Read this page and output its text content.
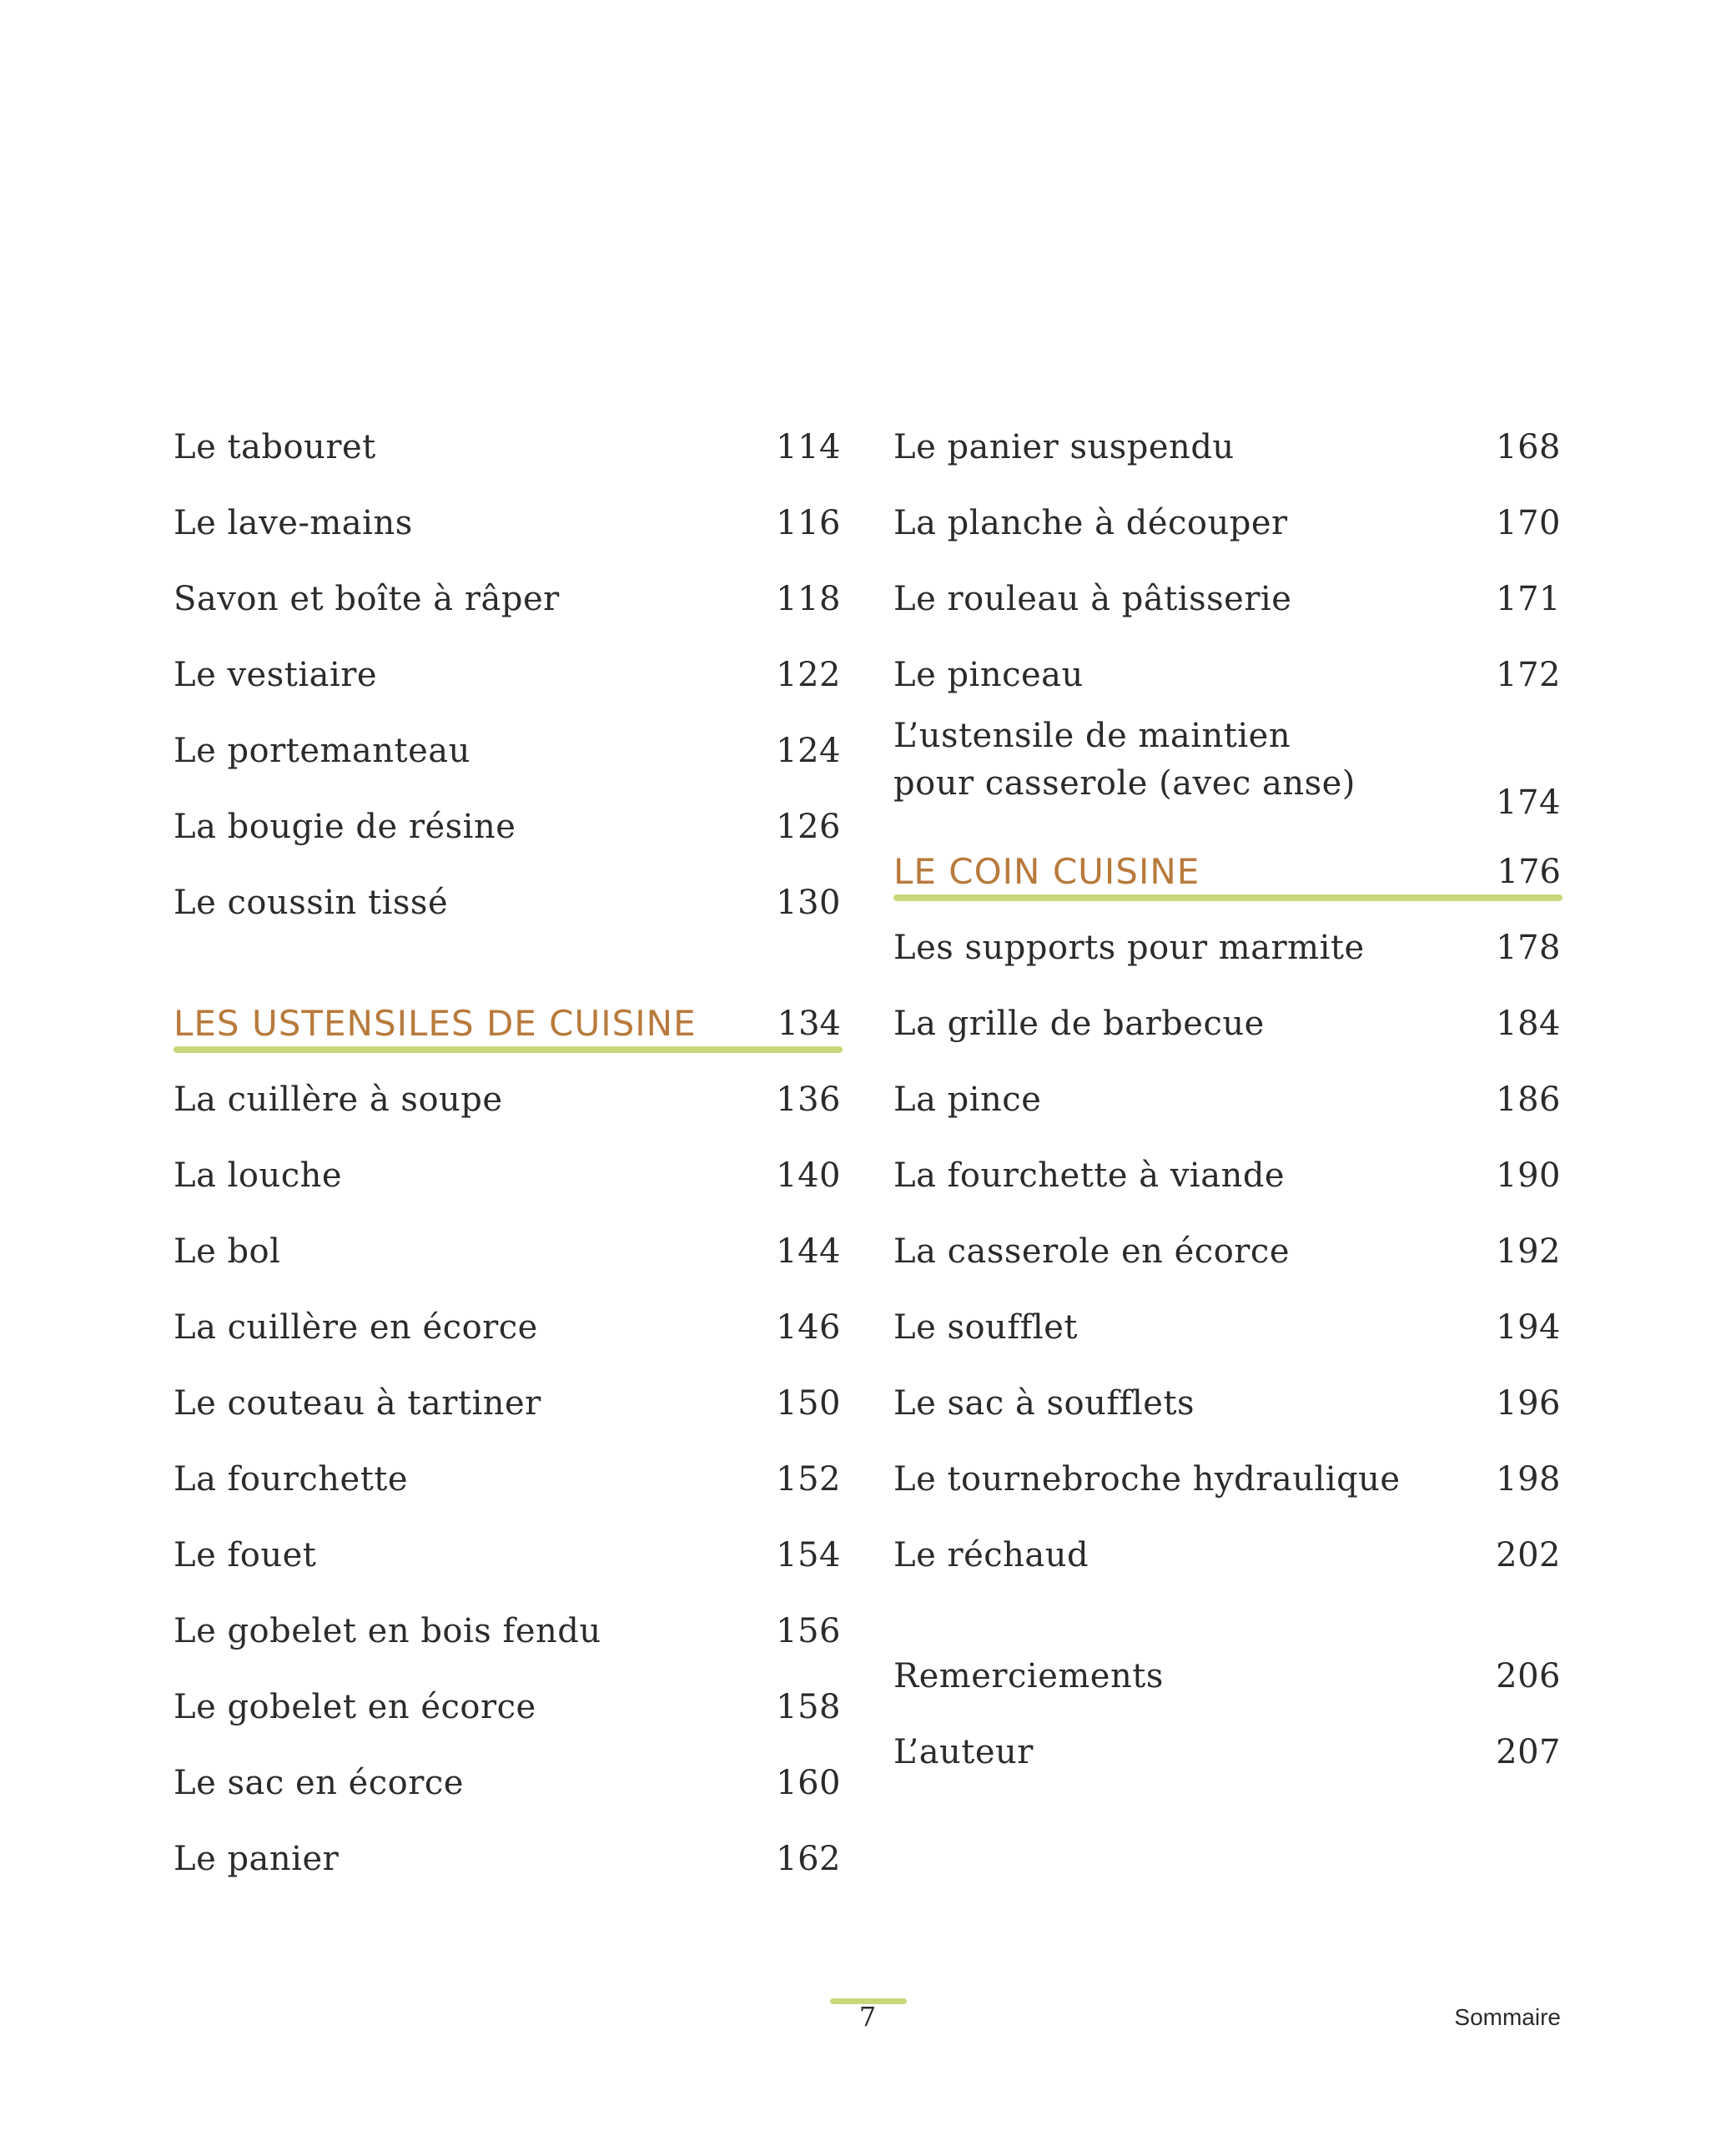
Le tabouret	114
Le lave-mains	116
Savon et boîte à râper	118
Le vestiaire	122
Le portemanteau	124
La bougie de résine	126
Le coussin tissé	130
LES USTENSILES DE CUISINE 134
La cuillère à soupe	136
La louche	140
Le bol	144
La cuillère en écorce	146
Le couteau à tartiner	150
La fourchette	152
Le fouet	154
Le gobelet en bois fendu	156
Le gobelet en écorce	158
Le sac en écorce	160
Le panier	162
Le panier suspendu	168
La planche à découper	170
Le rouleau à pâtisserie	171
Le pinceau	172
L’ustensile de maintien
pour casserole (avec anse)	174
LE COIN CUISINE	176
Les supports pour marmite	178
La grille de barbecue	184
La pince	186
La fourchette à viande	190
La casserole en écorce	192
Le soufflet	194
Le sac à soufflets	196
Le tournebroche hydraulique	198
Le réchaud	202
Remerciements	206
L’auteur	207
7	Sommaire
